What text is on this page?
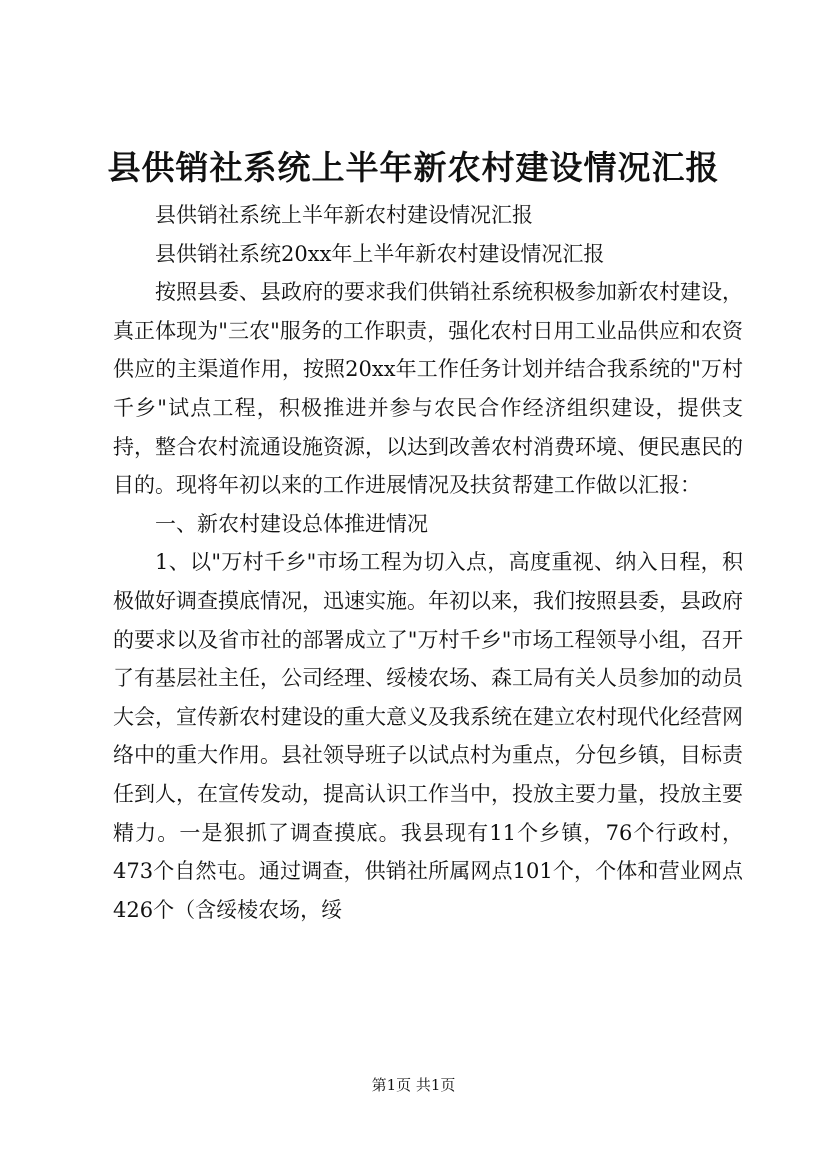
县供销社系统上半年新农村建设情况汇报

县供销社系统上半年新农村建设情况汇报

县供销社系统20xx年上半年新农村建设情况汇报

按照县委、县政府的要求我们供销社系统积极参加新农村建设，真正体现为"三农"服务的工作职责，强化农村日用工业品供应和农资供应的主渠道作用，按照20xx年工作任务计划并结合我系统的"万村千乡"试点工程，积极推进并参与农民合作经济组织建设，提供支持，整合农村流通设施资源，以达到改善农村消费环境、便民惠民的目的。现将年初以来的工作进展情况及扶贫帮建工作做以汇报：

一、新农村建设总体推进情况

1、以"万村千乡"市场工程为切入点，高度重视、纳入日程，积极做好调查摸底情况，迅速实施。年初以来，我们按照县委，县政府的要求以及省市社的部署成立了"万村千乡"市场工程领导小组，召开了有基层社主任，公司经理、绥棱农场、森工局有关人员参加的动员大会，宣传新农村建设的重大意义及我系统在建立农村现代化经营网络中的重大作用。县社领导班子以试点村为重点，分包乡镇，目标责任到人，在宣传发动，提高认识工作当中，投放主要力量，投放主要精力。一是狠抓了调查摸底。我县现有11个乡镇，76个行政村，473个自然屯。通过调查，供销社所属网点101个，个体和营业网点426个（含绥棱农场，绥

第1页 共1页
